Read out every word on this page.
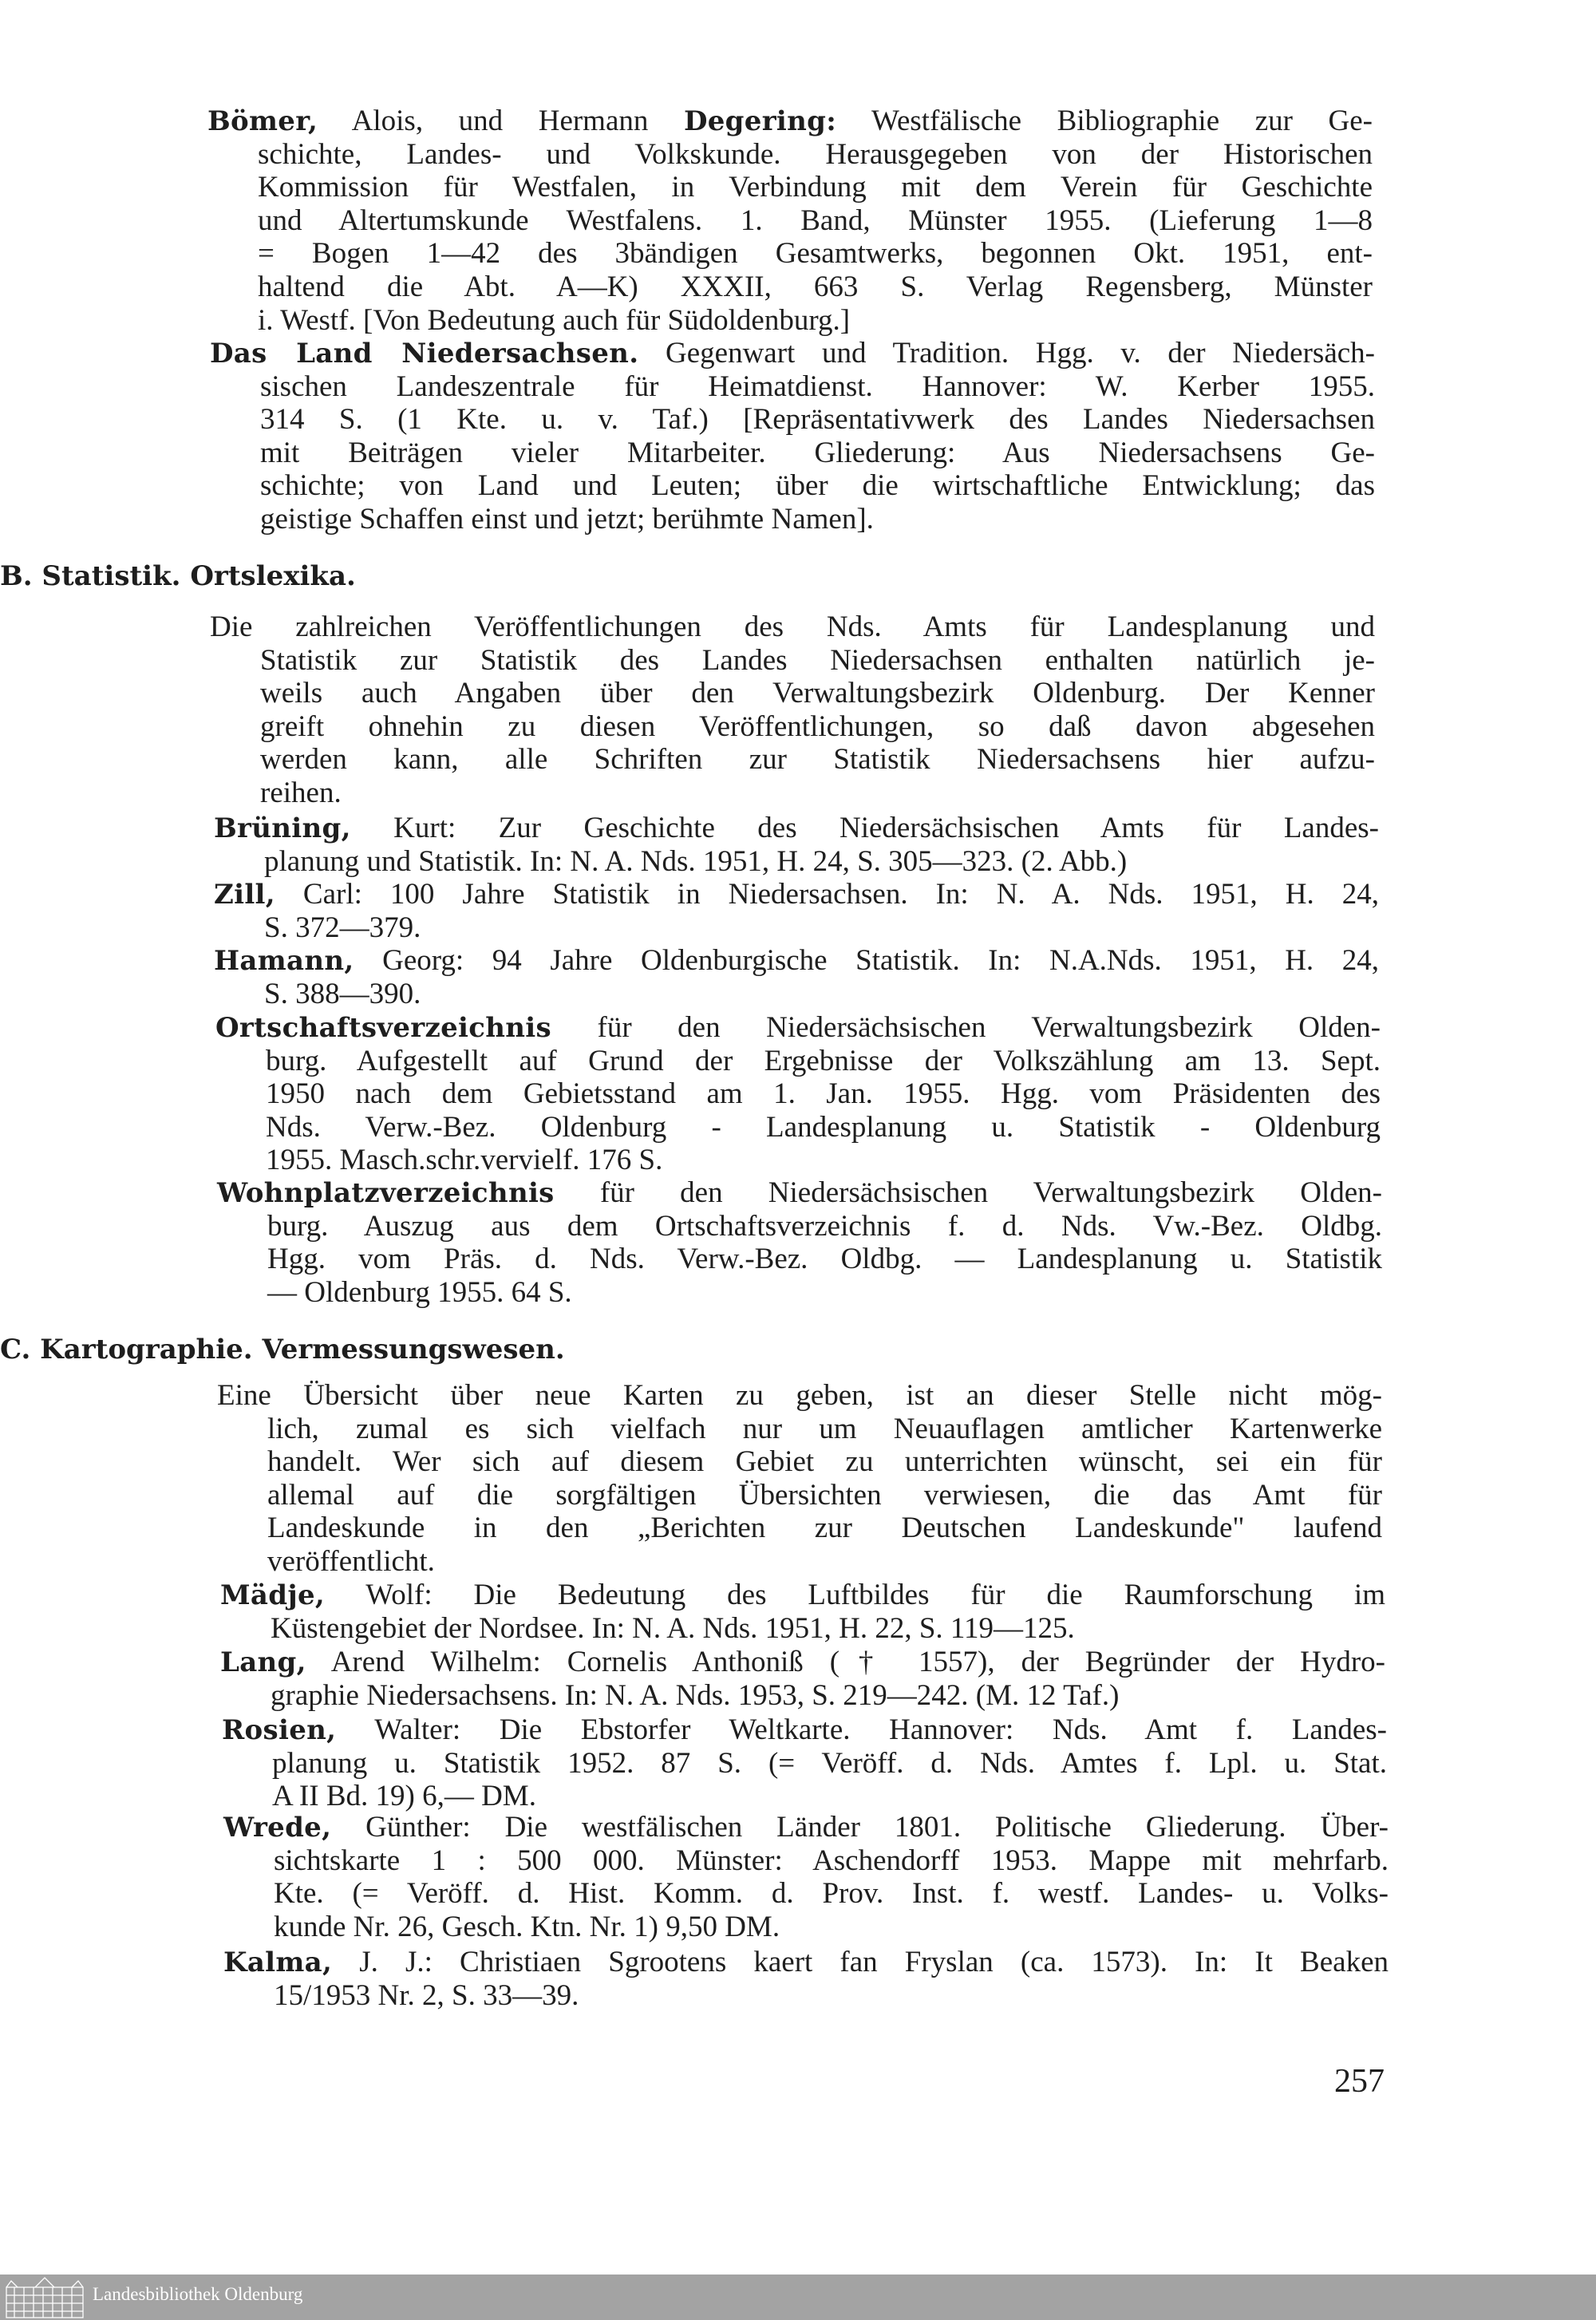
Bömer, Alois, und Hermann Degering: Westfälische Bibliographie zur Ge-
schichte, Landes- und Volkskunde. Herausgegeben von der Historischen
Kommission für Westfalen, in Verbindung mit dem Verein für Geschichte
und Altertumskunde Westfalens. 1. Band, Münster 1955. (Lieferung 1—8
= Bogen 1—42 des 3bändigen Gesamtwerks, begonnen Okt. 1951, ent-
haltend die Abt. A—K) XXXII, 663 S. Verlag Regensberg, Münster
i. Westf. [Von Bedeutung auch für Südoldenburg.]
Das Land Niedersachsen. Gegenwart und Tradition. Hgg. v. der Niedersäch-
sischen Landeszentrale für Heimatdienst. Hannover: W. Kerber 1955.
314 S. (1 Kte. u. v. Taf.) [Repräsentativwerk des Landes Niedersachsen
mit Beiträgen vieler Mitarbeiter. Gliederung: Aus Niedersachsens Ge-
schichte; von Land und Leuten; über die wirtschaftliche Entwicklung; das
geistige Schaffen einst und jetzt; berühmte Namen].
B. Statistik. Ortslexika.
Die zahlreichen Veröffentlichungen des Nds. Amts für Landesplanung und
Statistik zur Statistik des Landes Niedersachsen enthalten natürlich je-
weils auch Angaben über den Verwaltungsbezirk Oldenburg. Der Kenner
greift ohnehin zu diesen Veröffentlichungen, so daß davon abgesehen
werden kann, alle Schriften zur Statistik Niedersachsens hier aufzu-
reihen.
Brüning, Kurt: Zur Geschichte des Niedersächsischen Amts für Landes-
planung und Statistik. In: N. A. Nds. 1951, H. 24, S. 305—323. (2. Abb.)
Zill, Carl: 100 Jahre Statistik in Niedersachsen. In: N. A. Nds. 1951, H. 24,
S. 372—379.
Hamann, Georg: 94 Jahre Oldenburgische Statistik. In: N.A.Nds. 1951, H. 24,
S. 388—390.
Ortschaftsverzeichnis für den Niedersächsischen Verwaltungsbezirk Olden-
burg. Aufgestellt auf Grund der Ergebnisse der Volkszählung am 13. Sept.
1950 nach dem Gebietsstand am 1. Jan. 1955. Hgg. vom Präsidenten des
Nds. Verw.-Bez. Oldenburg - Landesplanung u. Statistik - Oldenburg
1955. Masch.schr.vervielf. 176 S.
Wohnplatzverzeichnis für den Niedersächsischen Verwaltungsbezirk Olden-
burg. Auszug aus dem Ortschaftsverzeichnis f. d. Nds. Vw.-Bez. Oldbg.
Hgg. vom Präs. d. Nds. Verw.-Bez. Oldbg. — Landesplanung u. Statistik
— Oldenburg 1955. 64 S.
C. Kartographie. Vermessungswesen.
Eine Übersicht über neue Karten zu geben, ist an dieser Stelle nicht mög-
lich, zumal es sich vielfach nur um Neuauflagen amtlicher Kartenwerke
handelt. Wer sich auf diesem Gebiet zu unterrichten wünscht, sei ein für
allemal auf die sorgfältigen Übersichten verwiesen, die das Amt für
Landeskunde in den „Berichten zur Deutschen Landeskunde" laufend
veröffentlicht.
Mädje, Wolf: Die Bedeutung des Luftbildes für die Raumforschung im
Küstengebiet der Nordsee. In: N. A. Nds. 1951, H. 22, S. 119—125.
Lang, Arend Wilhelm: Cornelis Anthoniß († 1557), der Begründer der Hydro-
graphie Niedersachsens. In: N. A. Nds. 1953, S. 219—242. (M. 12 Taf.)
Rosien, Walter: Die Ebstorfer Weltkarte. Hannover: Nds. Amt f. Landes-
planung u. Statistik 1952. 87 S. (= Veröff. d. Nds. Amtes f. Lpl. u. Stat.
A II Bd. 19) 6,— DM.
Wrede, Günther: Die westfälischen Länder 1801. Politische Gliederung. Über-
sichtskarte 1 : 500 000. Münster: Aschendorff 1953. Mappe mit mehrfarb.
Kte. (= Veröff. d. Hist. Komm. d. Prov. Inst. f. westf. Landes- u. Volks-
kunde Nr. 26, Gesch. Ktn. Nr. 1) 9,50 DM.
Kalma, J. J.: Christiaen Sgrootens kaert fan Fryslan (ca. 1573). In: It Beaken
15/1953 Nr. 2, S. 33—39.
257
Landesbibliothek Oldenburg
